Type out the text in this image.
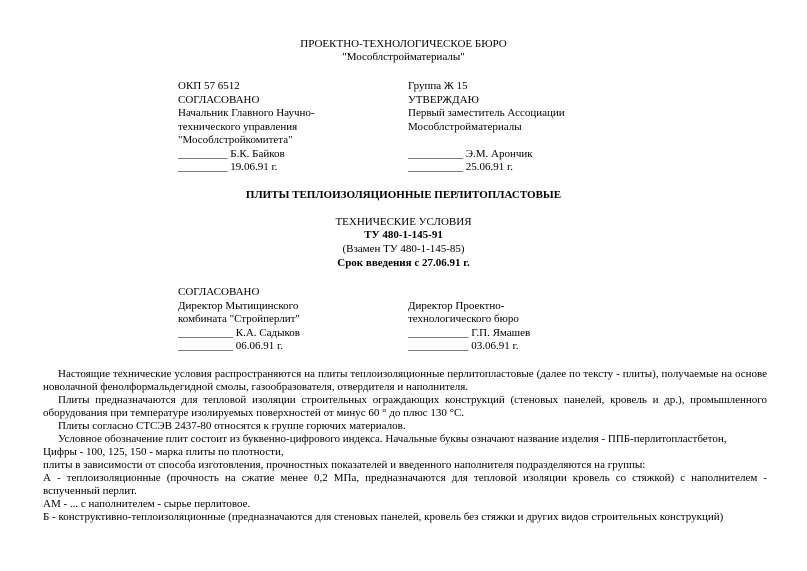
ПРОЕКТНО-ТЕХНОЛОГИЧЕСКОЕ БЮРО
"Мособлстройматериалы"
ОКП 57 6512
СОГЛАСОВАНО
Начальник Главного Научно-
технического управления
"Мособлстройкомитета"
_________ Б.К. Байков
_________ 19.06.91 г.
Группа Ж 15
УТВЕРЖДАЮ
Первый заместитель Ассоциации
Мособлстройматериалы
__________ Э.М. Арончик
__________ 25.06.91 г.
ПЛИТЫ ТЕПЛОИЗОЛЯЦИОННЫЕ ПЕРЛИТОПЛАСТОВЫЕ
ТЕХНИЧЕСКИЕ УСЛОВИЯ
ТУ 480-1-145-91
(Взамен ТУ 480-1-145-85)
Срок введения с 27.06.91 г.
СОГЛАСОВАНО
Директор Мытищинского
комбината "Стройперлит"
__________ К.А. Садыков
__________ 06.06.91 г.
Директор Проектно-
технологического бюро
___________ Г.П. Ямашев
___________ 03.06.91 г.

Настоящие технические условия распространяются на плиты теплоизоляционные перлитопластовые (далее по тексту - плиты), получаемые на основе новолачной фенолформальдегидной смолы, газообразователя, отвердителя и наполнителя.

Плиты предназначаются для тепловой изоляции строительных ограждающих конструкций (стеновых панелей, кровель и др.), промышленного оборудования при температуре изолируемых поверхностей от минус 60 ° до плюс 130 °С.

Плиты согласно СТСЭВ 2437-80 относятся к группе горючих материалов.

Условное обозначение плит состоит из буквенно-цифрового индекса. Начальные буквы означают название изделия - ППБ-перлитопластбетон,

Цифры - 100, 125, 150 - марка плиты по плотности,

плиты в зависимости от способа изготовления, прочностных показателей и введенного наполнителя подразделяются на группы:

А - теплоизоляционные (прочность на сжатие менее 0,2 МПа, предназначаются для тепловой изоляции кровель со стяжкой) с наполнителем - вспученный перлит.

АМ - ... с наполнителем - сырье перлитовое.

Б - конструктивно-теплоизоляционные (предназначаются для стеновых панелей, кровель без стяжки и других видов строительных конструкций)
